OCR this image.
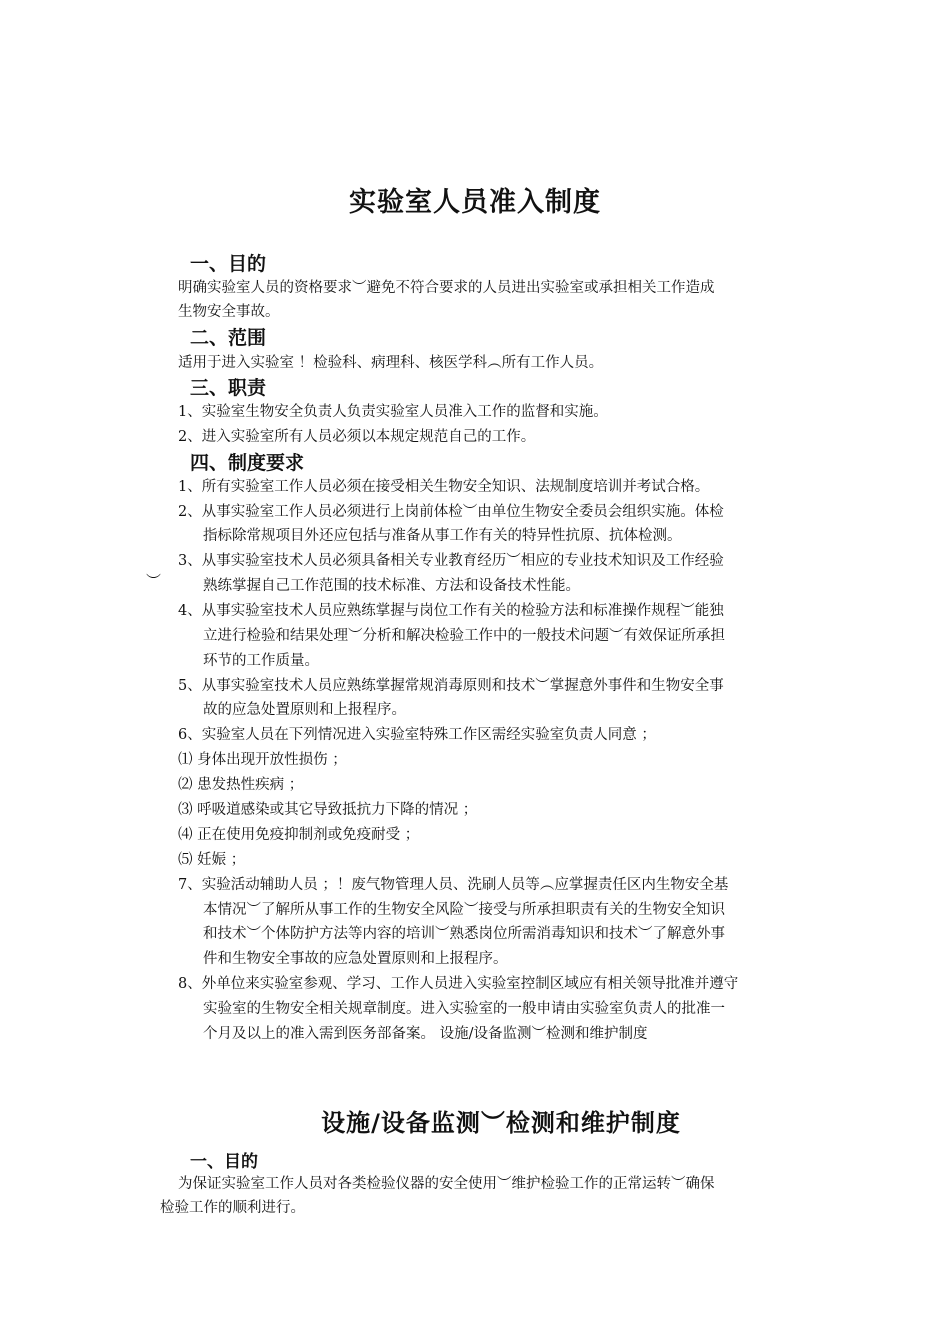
实验室人员准入制度
一、目的
明确实验室人员的资格要求︶避免不符合要求的人员进出实验室或承担相关工作造成
生物安全事故。
二、范围
适用于进入实验室 ！检验科、病理科、核医学科︵所有工作人员。
三、职责
1、实验室生物安全负责人负责实验室人员准入工作的监督和实施。
2、进入实验室所有人员必须以本规定规范自己的工作。
四、制度要求
1、所有实验室工作人员必须在接受相关生物安全知识、法规制度培训并考试合格。
2、从事实验室工作人员必须进行上岗前体检︶由单位生物安全委员会组织实施。体检
指标除常规项目外还应包括与准备从事工作有关的特异性抗原、抗体检测。
3、从事实验室技术人员必须具备相关专业教育经历︶相应的专业技术知识及工作经验
︶	熟练掌握自己工作范围的技术标准、方法和设备技术性能。
4、从事实验室技术人员应熟练掌握与岗位工作有关的检验方法和标准操作规程︶能独
立进行检验和结果处理︶分析和解决检验工作中的一般技术问题︶有效保证所承担
环节的工作质量。
5、从事实验室技术人员应熟练掌握常规消毒原则和技术︶掌握意外事件和生物安全事
故的应急处置原则和上报程序。
6、实验室人员在下列情况进入实验室特殊工作区需经实验室负责人同意 ；
⑴ 身体出现开放性损伤 ；
⑵ 患发热性疾病 ；
⑶ 呼吸道感染或其它导致抵抗力下降的情况 ；
⑷ 正在使用免疫抑制剂或免疫耐受 ；
⑸ 妊娠 ；
7、实验活动辅助人员 ；！废气物管理人员、洗刷人员等︵应掌握责任区内生物安全基
本情况︶了解所从事工作的生物安全风险︶接受与所承担职责有关的生物安全知识
和技术︶个体防护方法等内容的培训︶熟悉岗位所需消毒知识和技术︶了解意外事
件和生物安全事故的应急处置原则和上报程序。
8、外单位来实验室参观、学习、工作人员进入实验室控制区域应有相关领导批准并遵守
实验室的生物安全相关规章制度。进入实验室的一般申请由实验室负责人的批准一
个月及以上的准入需到医务部备案。 设施/设备监测︶检测和维护制度
设施/设备监测︶检测和维护制度
一、目的
为保证实验室工作人员对各类检验仪器的安全使用︶维护检验工作的正常运转︶确保
检验工作的顺利进行。
